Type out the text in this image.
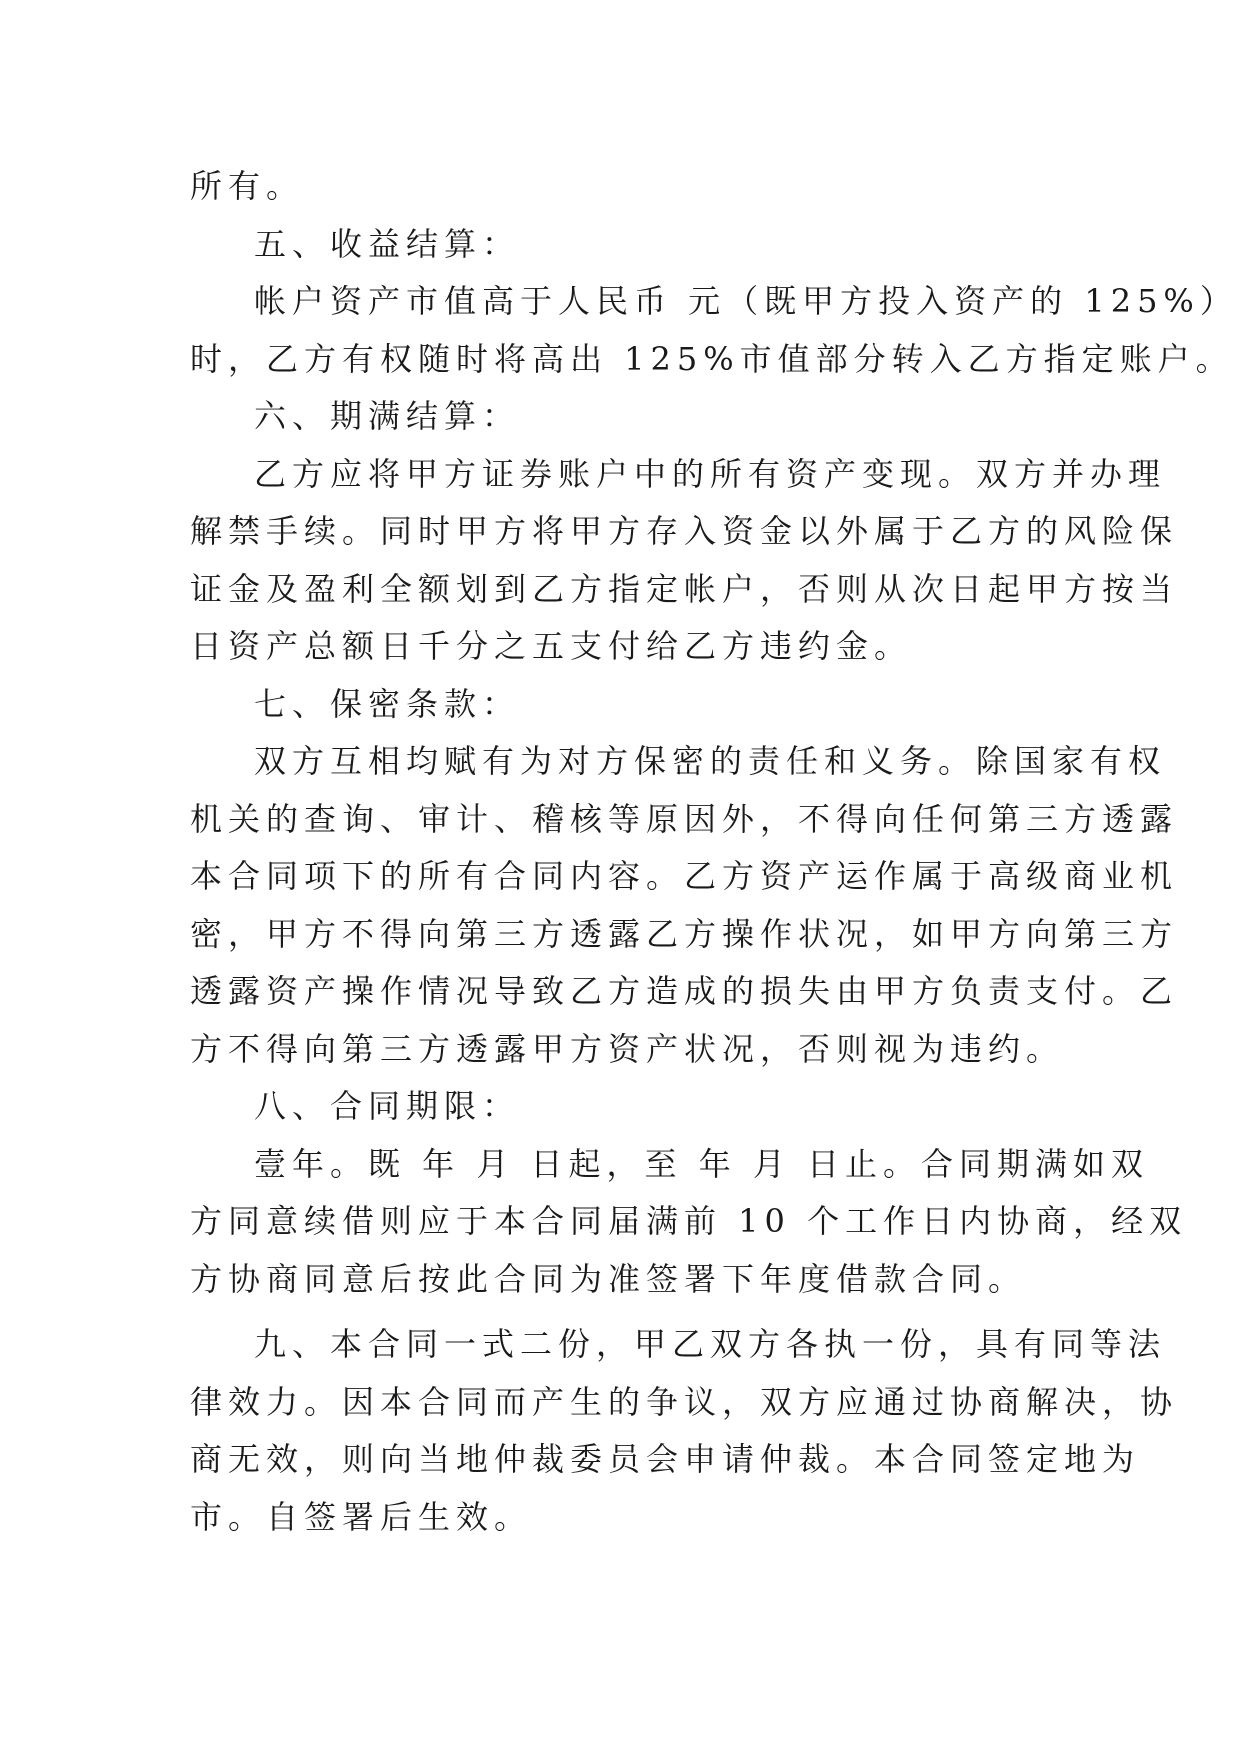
所有。
五、收益结算：
帐户资产市值高于人民币 元（既甲方投入资产的 125%）
时，乙方有权随时将高出 125%市值部分转入乙方指定账户。
六、期满结算：
乙方应将甲方证券账户中的所有资产变现。双方并办理
解禁手续。同时甲方将甲方存入资金以外属于乙方的风险保
证金及盈利全额划到乙方指定帐户，否则从次日起甲方按当
日资产总额日千分之五支付给乙方违约金。
七、保密条款：
双方互相均赋有为对方保密的责任和义务。除国家有权
机关的查询、审计、稽核等原因外，不得向任何第三方透露
本合同项下的所有合同内容。乙方资产运作属于高级商业机
密，甲方不得向第三方透露乙方操作状况，如甲方向第三方
透露资产操作情况导致乙方造成的损失由甲方负责支付。乙
方不得向第三方透露甲方资产状况，否则视为违约。
八、合同期限：
壹年。既 年 月 日起，至 年 月 日止。合同期满如双
方同意续借则应于本合同届满前 10 个工作日内协商，经双
方协商同意后按此合同为准签署下年度借款合同。
九、本合同一式二份，甲乙双方各执一份，具有同等法
律效力。因本合同而产生的争议，双方应通过协商解决，协
商无效，则向当地仲裁委员会申请仲裁。本合同签定地为
市。自签署后生效。
